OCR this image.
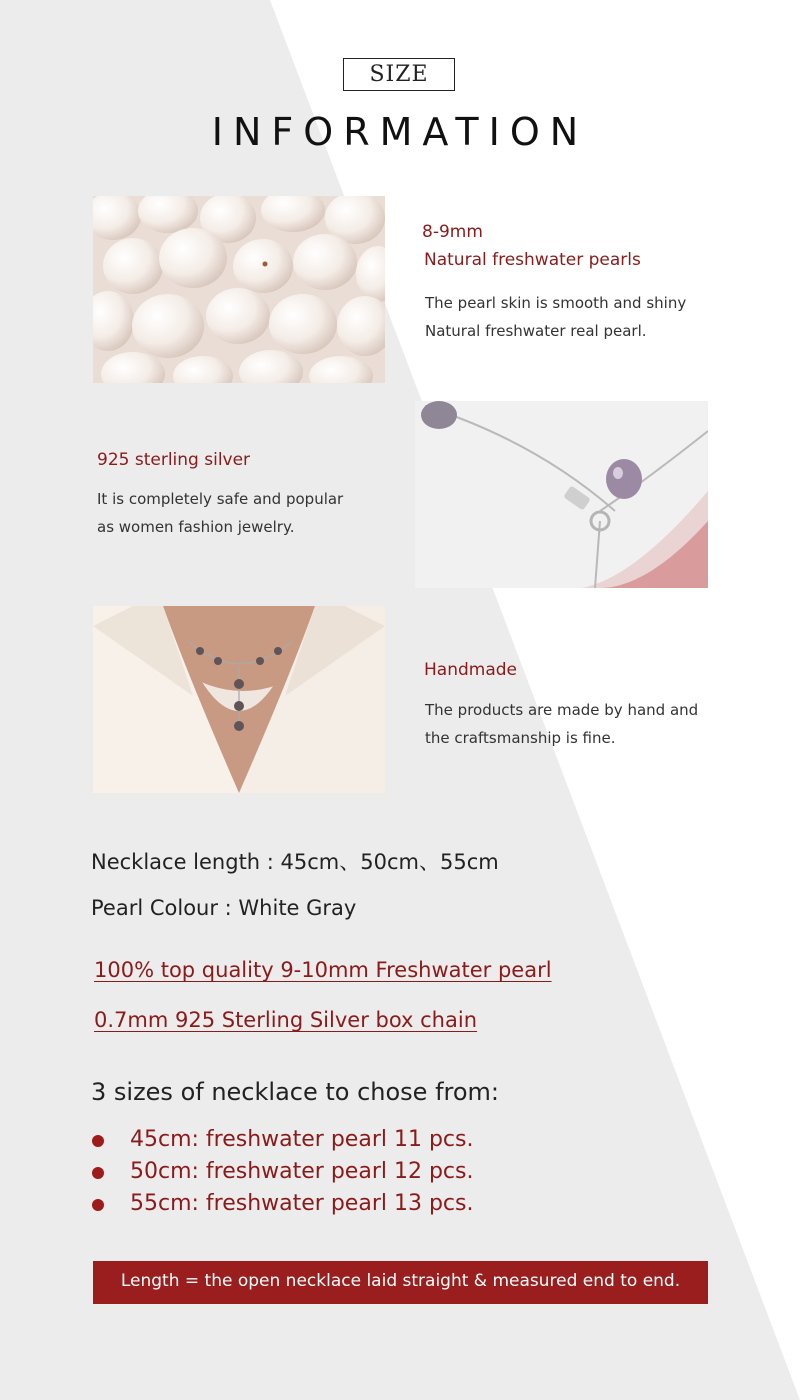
SIZE
INFORMATION
8-9mm
Natural freshwater pearls
The pearl skin is smooth and shiny
Natural freshwater real pearl.
925 sterling silver
It is completely safe and popular
as women fashion jewelry.
Handmade
The products are made by hand and
the craftsmanship is fine.
Necklace length : 45cm、50cm、55cm
Pearl Colour : White Gray
100% top quality 9-10mm Freshwater pearl
0.7mm 925 Sterling Silver box chain
3 sizes of necklace to chose from:
45cm: freshwater pearl 11 pcs.
50cm: freshwater pearl 12 pcs.
55cm: freshwater pearl 13 pcs.
Length = the open necklace laid straight & measured end to end.
